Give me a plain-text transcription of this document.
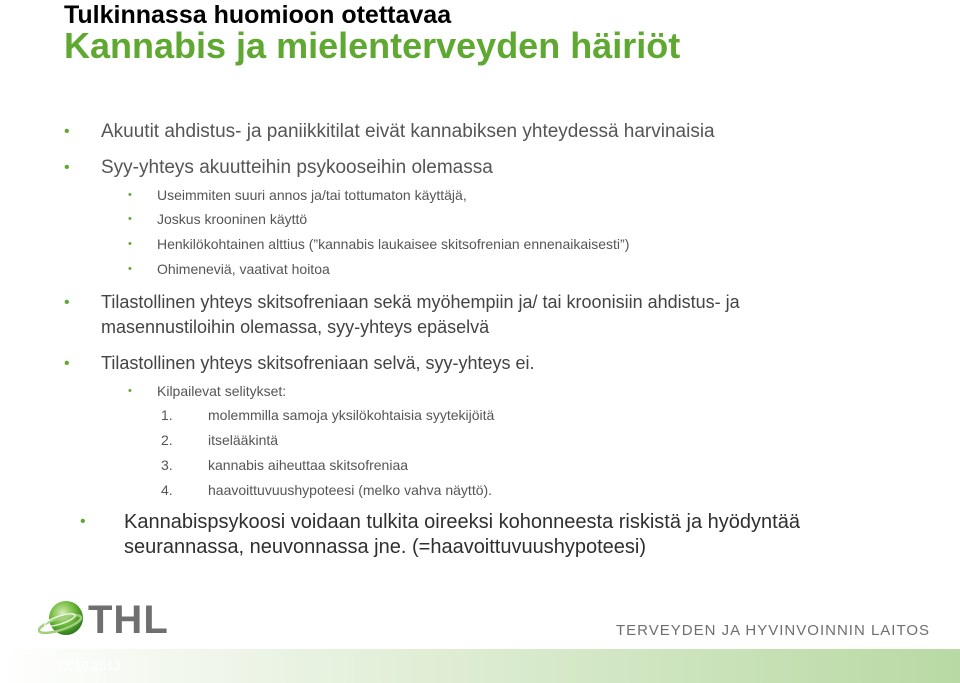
Tulkinnassa huomioon otettavaa
Kannabis ja mielenterveyden häiriöt
• Akuutit ahdistus- ja paniikkitilat eivät kannabiksen yhteydessä harvinaisia
• Syy-yhteys akuutteihin psykooseihin olemassa
• Useimmiten suuri annos ja/tai tottumaton käyttäjä,
• Joskus krooninen käyttö
• Henkilökohtainen alttius (”kannabis laukaisee skitsofrenian ennenaikaisesti”)
• Ohimeneviä, vaativat hoitoa
• Tilastollinen yhteys skitsofreniaan sekä myöhempiin ja/ tai kroonisiin ahdistus- ja
masennustiloihin olemassa, syy-yhteys epäselvä
• Tilastollinen yhteys skitsofreniaan selvä, syy-yhteys ei.
• Kilpailevat selitykset:
1.	molemmilla samoja yksilökohtaisia syytekijöitä
2.	itselääkintä
3.	kannabis aiheuttaa skitsofreniaa
4.	haavoittuvuushypoteesi (melko vahva näyttö).
• Kannabispsykoosi voidaan tulkita oireeksi kohonneesta riskistä ja hyödyntää
seurannassa, neuvonnassa jne. (=haavoittuvuushypoteesi)
THL	TERVEYDEN JA HYVINVOINNIN LAITOS
22.10.2013
